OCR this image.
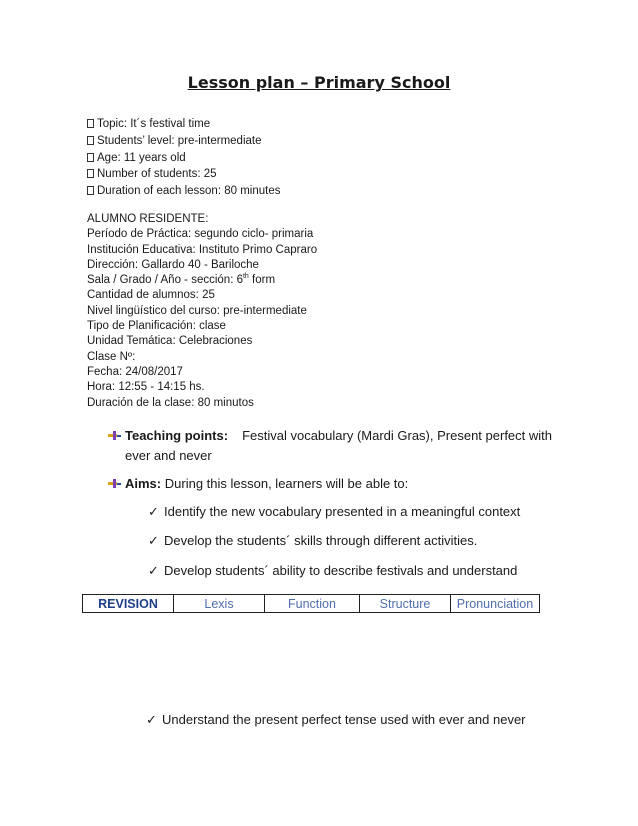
Lesson plan – Primary School
Topic: It´s festival time
Students’ level: pre-intermediate
Age: 11 years old
Number of students: 25
Duration of each lesson: 80 minutes
ALUMNO RESIDENTE:
Período de Práctica: segundo ciclo- primaria
Institución Educativa: Instituto Primo Capraro
Dirección: Gallardo 40 - Bariloche
Sala / Grado / Año - sección: 6th form
Cantidad de alumnos: 25
Nivel lingüístico del curso: pre-intermediate
Tipo de Planificación: clase
Unidad Temática: Celebraciones
Clase Nº:
Fecha: 24/08/2017
Hora: 12:55 - 14:15 hs.
Duración de la clase: 80 minutos
Teaching points: Festival vocabulary (Mardi Gras), Present perfect with
ever and never
Aims: During this lesson, learners will be able to:
✓ Identify the new vocabulary presented in a meaningful context
✓ Develop the students´ skills through different activities.
✓ Develop students´ ability to describe festivals and understand
REVISION	Lexis	Function	Structure	Pronunciation
✓ Understand the present perfect tense used with ever and never
